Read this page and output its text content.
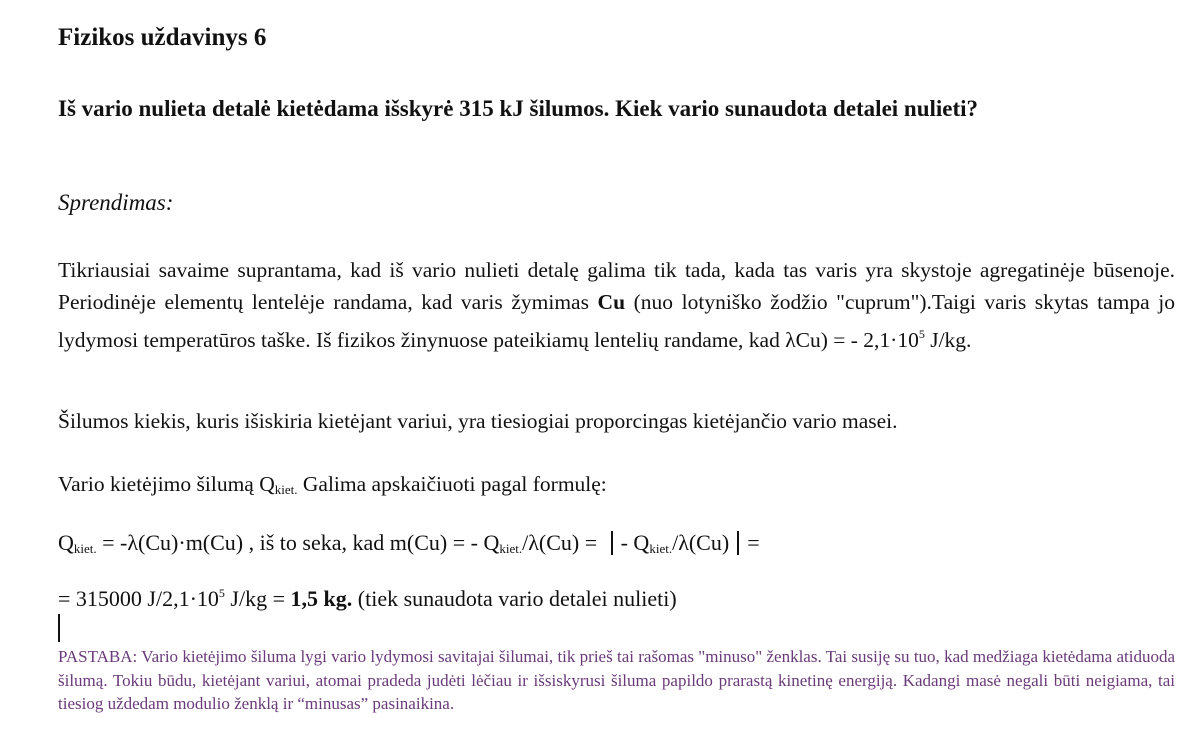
Fizikos uždavinys 6

Iš vario nulieta detalė kietėdama išskyrė 315 kJ šilumos. Kiek vario sunaudota detalei nulieti?

Sprendimas:

Tikriausiai savaime suprantama, kad iš vario nulieti detalę galima tik tada, kada tas varis yra skystoje agregatinėje būsenoje. Periodinėje elementų lentelėje randama, kad varis žymimas Cu (nuo lotyniško žodžio "cuprum").Taigi varis skytas tampa jo lydymosi temperatūros taške. Iš fizikos žinynuose pateikiamų lentelių randame, kad λCu) = - $2,1\cdot 10^5$ J/kg.

Šilumos kiekis, kuris išiskiria kietėjant variui, yra tiesiogiai proporcingas kietėjančio vario masei.

Vario kietėjimo šilumą $Q_{kiet.}$ Galima apskaičiuoti pagal formulę:

$Q_{kiet.} = -\lambda(Cu)\cdot m(Cu)$ , iš to seka, kad m(Cu) = - $Q_{kiet.}/\lambda(Cu)$ = - $Q_{kiet.}/\lambda(Cu)$ =

= 315000 $J/2,1\cdot 10^5$ J/kg = 1,5 kg. (tiek sunaudota vario detalei nulieti)

PASTABA: Vario kietėjimo šiluma lygi vario lydymosi savitajai šilumai, tik prieš tai rašomas "minuso" ženklas. Tai susiję su tuo, kad medžiaga kietėdama atiduoda šilumą. Tokiu būdu, kietėjant variui, atomai pradeda judėti lėčiau ir išsiskyrusi šiluma papildo prarastą kinetinę energiją. Kadangi masė negali būti neigiama, tai tiesiog uždedam modulio ženklą ir “minusas” pasinaikina.
